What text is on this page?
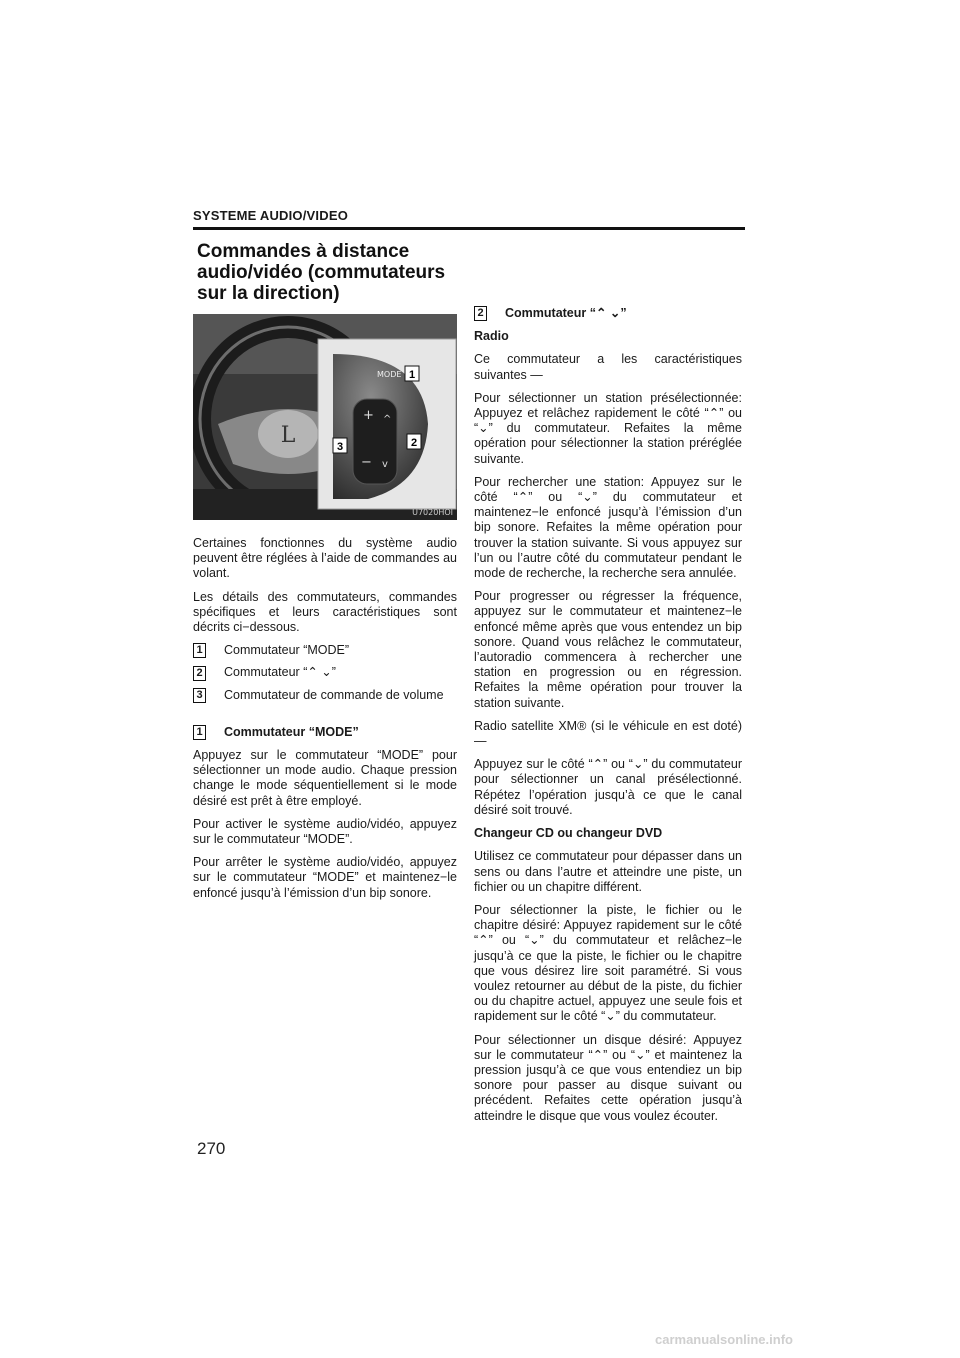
SYSTEME AUDIO/VIDEO
Commandes à distance audio/vidéo (commutateurs sur la direction)
L
+
−
^
v
MODE 1
2
3
U7020HOI

Certaines fonctionnes du système audio peuvent être réglées à l’aide de commandes au volant.

Les détails des commutateurs, commandes spécifiques et leurs caractéristiques sont décrits ci−dessous.

1 Commutateur “MODE”
2 Commutateur “⌃ ⌄”
3 Commutateur de commande de volume
1 Commutateur “MODE”

Appuyez sur le commutateur “MODE” pour sélectionner un mode audio. Chaque pression change le mode séquentiellement si le mode désiré est prêt à être employé.

Pour activer le système audio/vidéo, appuyez sur le commutateur “MODE”.

Pour arrêter le système audio/vidéo, appuyez sur le commutateur “MODE” et maintenez−le enfoncé jusqu’à l’émission d’un bip sonore.

2 Commutateur “⌃ ⌄”

Radio

Ce commutateur a les caractéristiques suivantes —

Pour sélectionner un station présélectionnée: Appuyez et relâchez rapidement le côté “⌃” ou “⌄” du commutateur. Refaites la même opération pour sélectionner la station préréglée suivante.

Pour rechercher une station: Appuyez sur le côté “⌃” ou “⌄” du commutateur et maintenez−le enfoncé jusqu’à l’émission d’un bip sonore. Refaites la même opération pour trouver la station suivante. Si vous appuyez sur l’un ou l’autre côté du commutateur pendant le mode de recherche, la recherche sera annulée.

Pour progresser ou régresser la fréquence, appuyez sur le commutateur et maintenez−le enfoncé même après que vous entendez un bip sonore. Quand vous relâchez le commutateur, l’autoradio commencera à rechercher une station en progression ou en régression. Refaites la même opération pour trouver la station suivante.

Radio satellite XM® (si le véhicule en est doté) —

Appuyez sur le côté “⌃” ou “⌄” du commutateur pour sélectionner un canal présélectionné. Répétez l’opération jusqu’à ce que le canal désiré soit trouvé.

Changeur CD ou changeur DVD

Utilisez ce commutateur pour dépasser dans un sens ou dans l’autre et atteindre une piste, un fichier ou un chapitre différent.

Pour sélectionner la piste, le fichier ou le chapitre désiré: Appuyez rapidement sur le côté “⌃” ou “⌄” du commutateur et relâchez−le jusqu’à ce que la piste, le fichier ou le chapitre que vous désirez lire soit paramétré. Si vous voulez retourner au début de la piste, du fichier ou du chapitre actuel, appuyez une seule fois et rapidement sur le côté “⌄” du commutateur.

Pour sélectionner un disque désiré: Appuyez sur le commutateur “⌃” ou “⌄” et maintenez la pression jusqu’à ce que vous entendiez un bip sonore pour passer au disque suivant ou précédent. Refaites cette opération jusqu’à atteindre le disque que vous voulez écouter.

270
carmanualsonline.info
